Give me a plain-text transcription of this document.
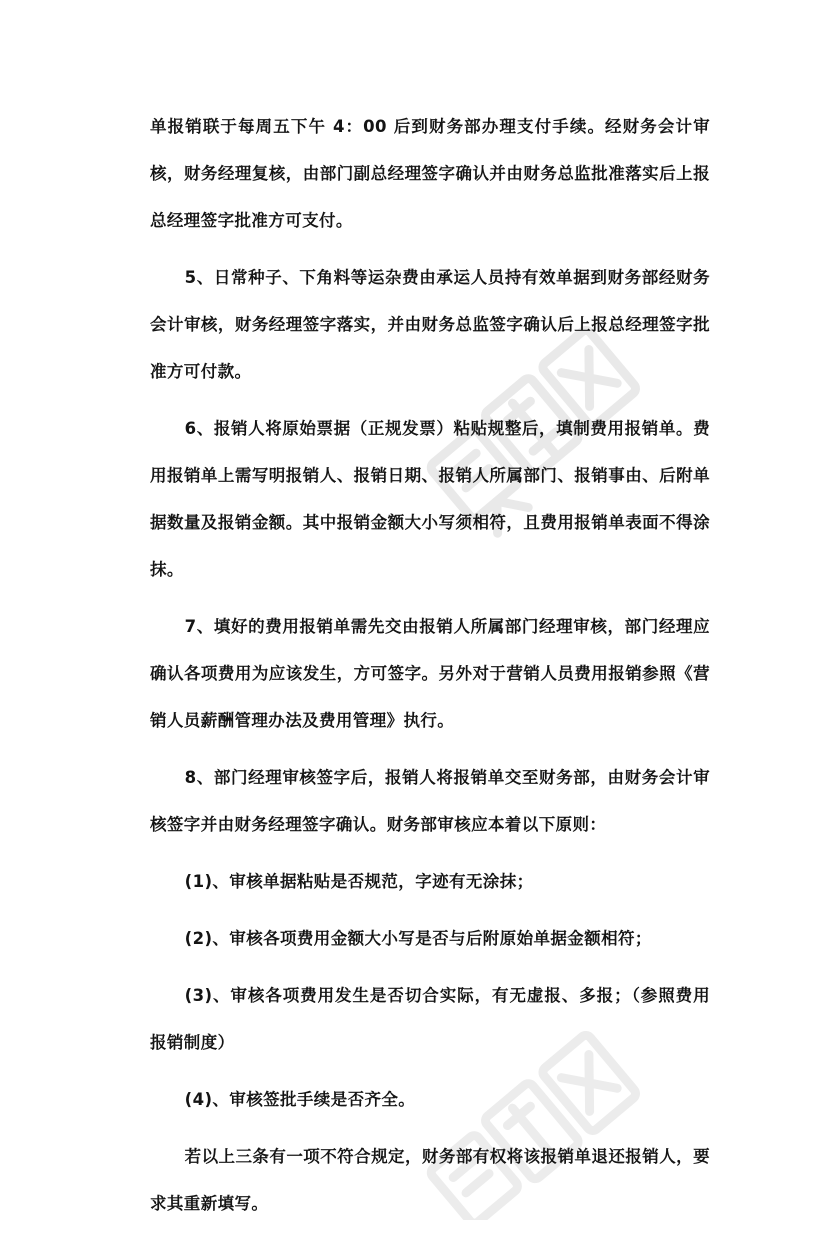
单报销联于每周五下午 4：00 后到财务部办理支付手续。经财务会计审核，财务经理复核，由部门副总经理签字确认并由财务总监批准落实后上报总经理签字批准方可支付。

5、日常种子、下角料等运杂费由承运人员持有效单据到财务部经财务会计审核，财务经理签字落实，并由财务总监签字确认后上报总经理签字批准方可付款。

6、报销人将原始票据（正规发票）粘贴规整后，填制费用报销单。费用报销单上需写明报销人、报销日期、报销人所属部门、报销事由、后附单据数量及报销金额。其中报销金额大小写须相符，且费用报销单表面不得涂抹。

7、填好的费用报销单需先交由报销人所属部门经理审核，部门经理应确认各项费用为应该发生，方可签字。另外对于营销人员费用报销参照《营销人员薪酬管理办法及费用管理》执行。

8、部门经理审核签字后，报销人将报销单交至财务部，由财务会计审核签字并由财务经理签字确认。财务部审核应本着以下原则：

(1)、审核单据粘贴是否规范，字迹有无涂抹；

(2)、审核各项费用金额大小写是否与后附原始单据金额相符；

(3)、审核各项费用发生是否切合实际，有无虚报、多报；（参照费用报销制度）

(4)、审核签批手续是否齐全。

若以上三条有一项不符合规定，财务部有权将该报销单退还报销人，要求其重新填写。
